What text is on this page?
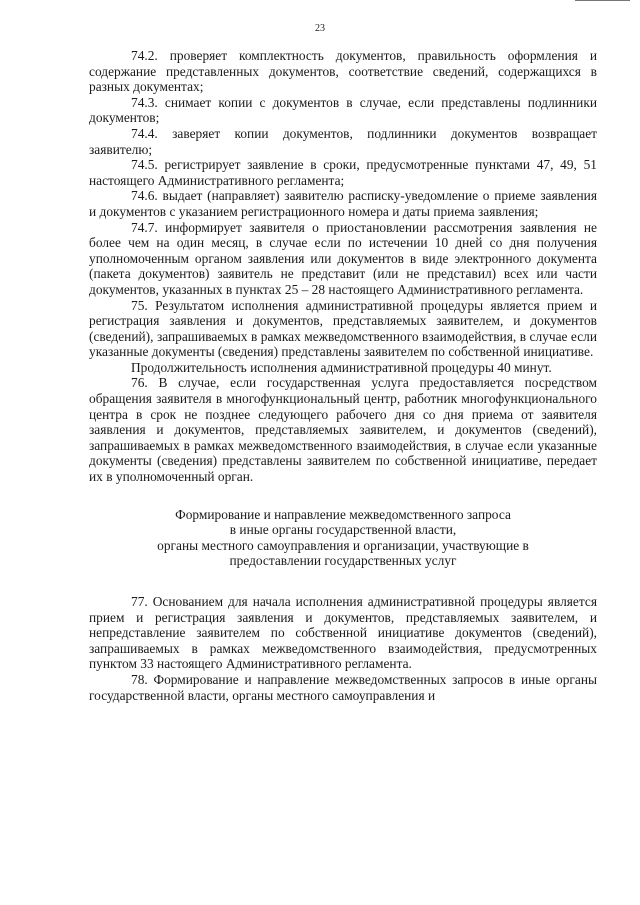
23

74.2. проверяет комплектность документов, правильность оформления и содержание представленных документов, соответствие сведений, содержащихся в разных документах;

74.3. снимает копии с документов в случае, если представлены подлинники документов;

74.4. заверяет копии документов, подлинники документов возвращает заявителю;

74.5. регистрирует заявление в сроки, предусмотренные пунктами 47, 49, 51 настоящего Административного регламента;

74.6. выдает (направляет) заявителю расписку-уведомление о приеме заявления и документов с указанием регистрационного номера и даты приема заявления;

74.7. информирует заявителя о приостановлении рассмотрения заявления не более чем на один месяц, в случае если по истечении 10 дней со дня получения уполномоченным органом заявления или документов в виде электронного документа (пакета документов) заявитель не представит (или не представил) всех или части документов, указанных в пунктах 25 – 28 настоящего Административного регламента.

75. Результатом исполнения административной процедуры является прием и регистрация заявления и документов, представляемых заявителем, и документов (сведений), запрашиваемых в рамках межведомственного взаимодействия, в случае если указанные документы (сведения) представлены заявителем по собственной инициативе.

Продолжительность исполнения административной процедуры 40 минут.

76. В случае, если государственная услуга предоставляется посредством обращения заявителя в многофункциональный центр, работник многофункционального центра в срок не позднее следующего рабочего дня со дня приема от заявителя заявления и документов, представляемых заявителем, и документов (сведений), запрашиваемых в рамках межведомственного взаимодействия, в случае если указанные документы (сведения) представлены заявителем по собственной инициативе, передает их в уполномоченный орган.

Формирование и направление межведомственного запроса
в иные органы государственной власти,
органы местного самоуправления и организации, участвующие в
предоставлении государственных услуг

77. Основанием для начала исполнения административной процедуры является прием и регистрация заявления и документов, представляемых заявителем, и непредставление заявителем по собственной инициативе документов (сведений), запрашиваемых в рамках межведомственного взаимодействия, предусмотренных пунктом 33 настоящего Административного регламента.

78. Формирование и направление межведомственных запросов в иные органы государственной власти, органы местного самоуправления и
